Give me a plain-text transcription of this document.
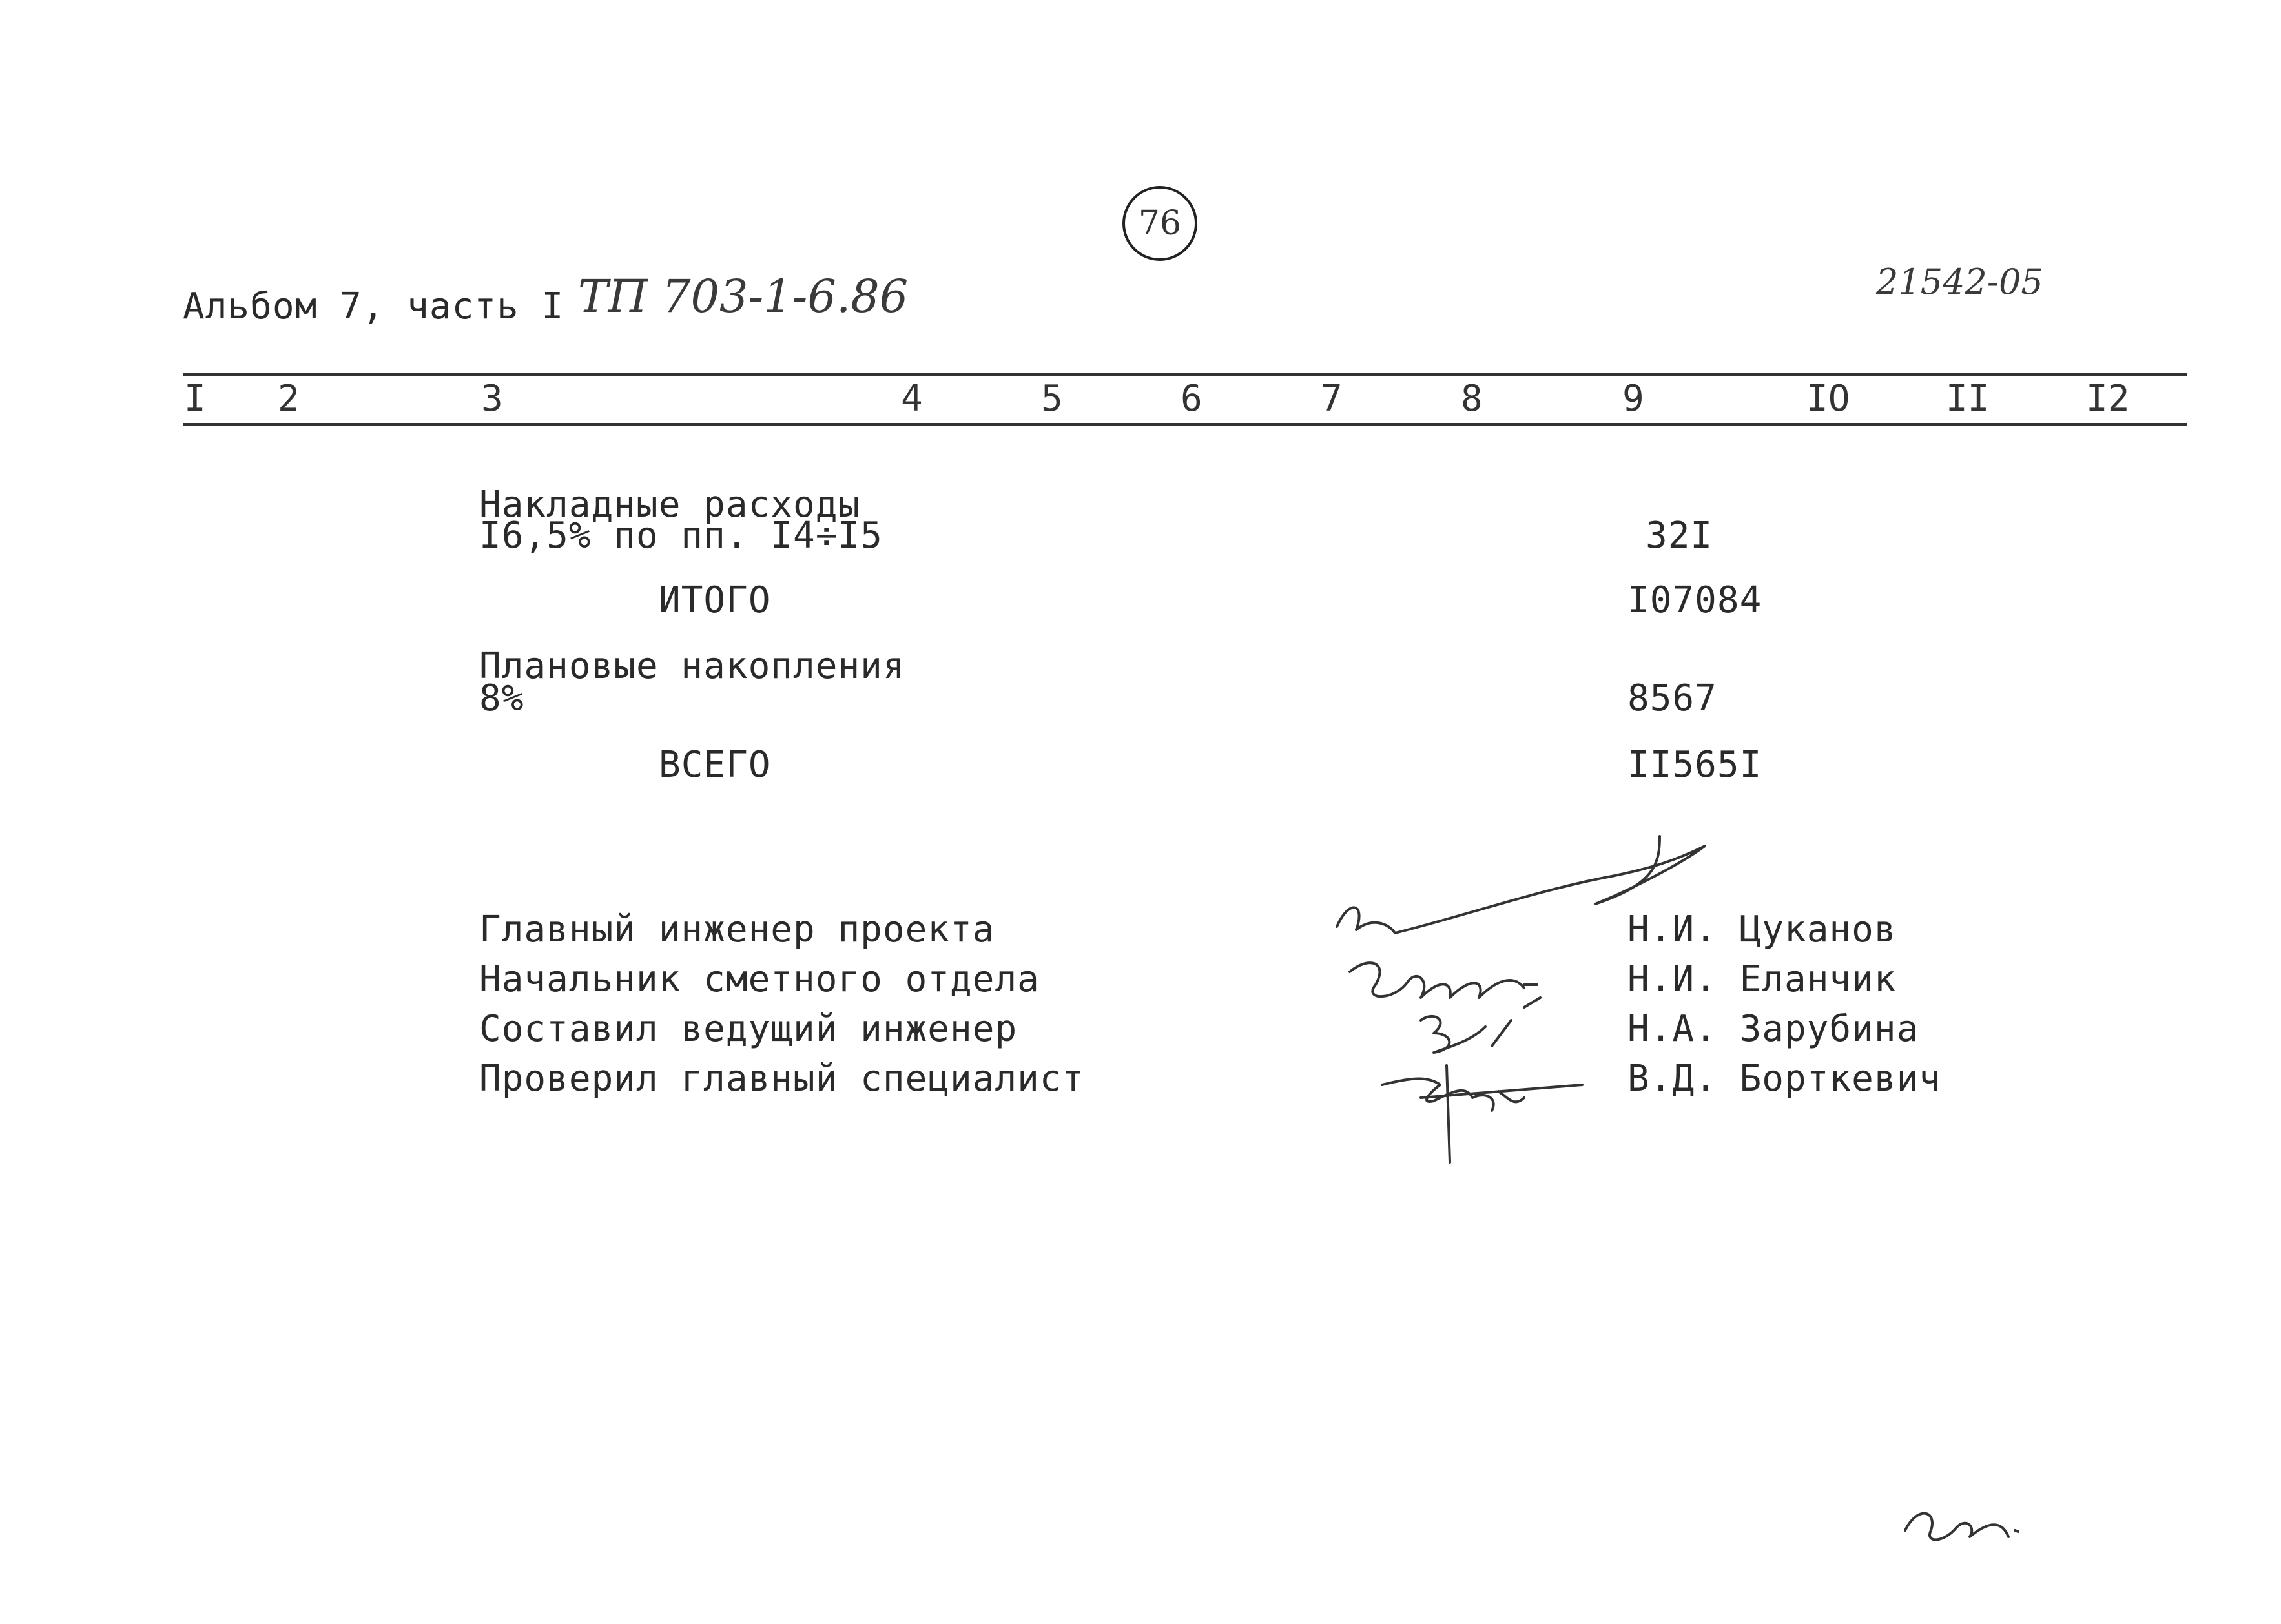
76
Альбом 7, часть I ТП 703-1-6.86	21542-05
I 2	3	4	5	6	7	8	9	IO	II	I2
Накладные расходы
I6,5% по пп. I4÷I5	32I
ИТОГО	I07084
Плановые накопления
8%	8567
ВСЕГО	II565I
Главный инженер проекта	Н.И. Цуканов
Начальник сметного отдела	Н.И. Еланчик
Составил ведущий инженер	Н.А. Зарубина
Проверил главный специалист	В.Д. Борткевич
